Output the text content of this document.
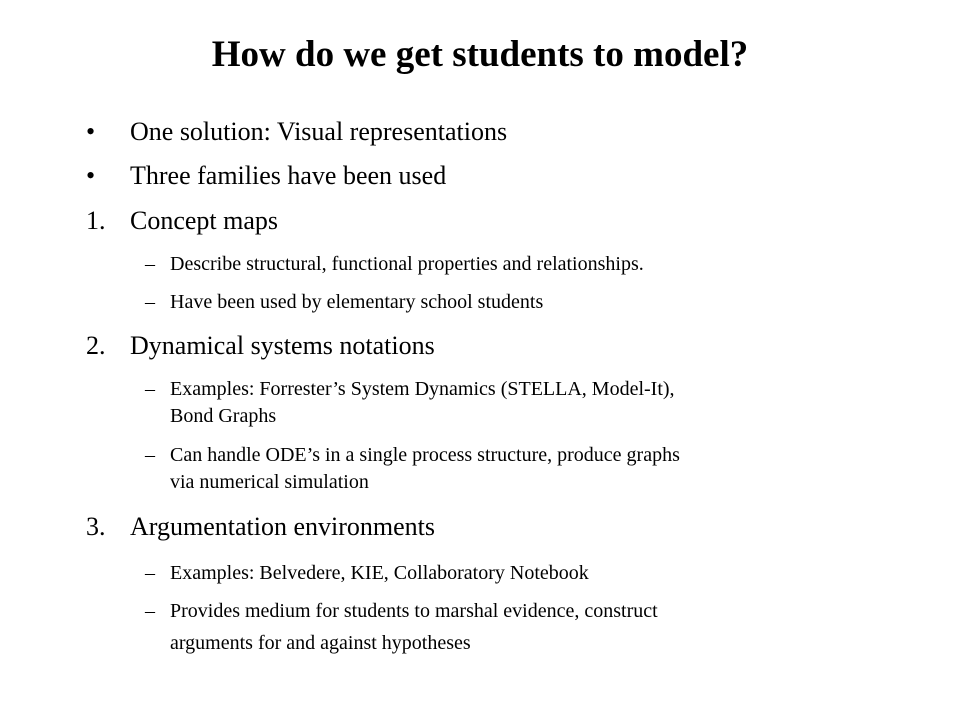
How do we get students to model?
• One solution: Visual representations
• Three families have been used
1. Concept maps
– Describe structural, functional properties and relationships.
– Have been used by elementary school students
2. Dynamical systems notations
– Examples: Forrester’s System Dynamics (STELLA, Model-It),
Bond Graphs
– Can handle ODE’s in a single process structure, produce graphs
via numerical simulation
3. Argumentation environments
– Examples: Belvedere, KIE, Collaboratory Notebook
– Provides medium for students to marshal evidence, construct
arguments for and against hypotheses
